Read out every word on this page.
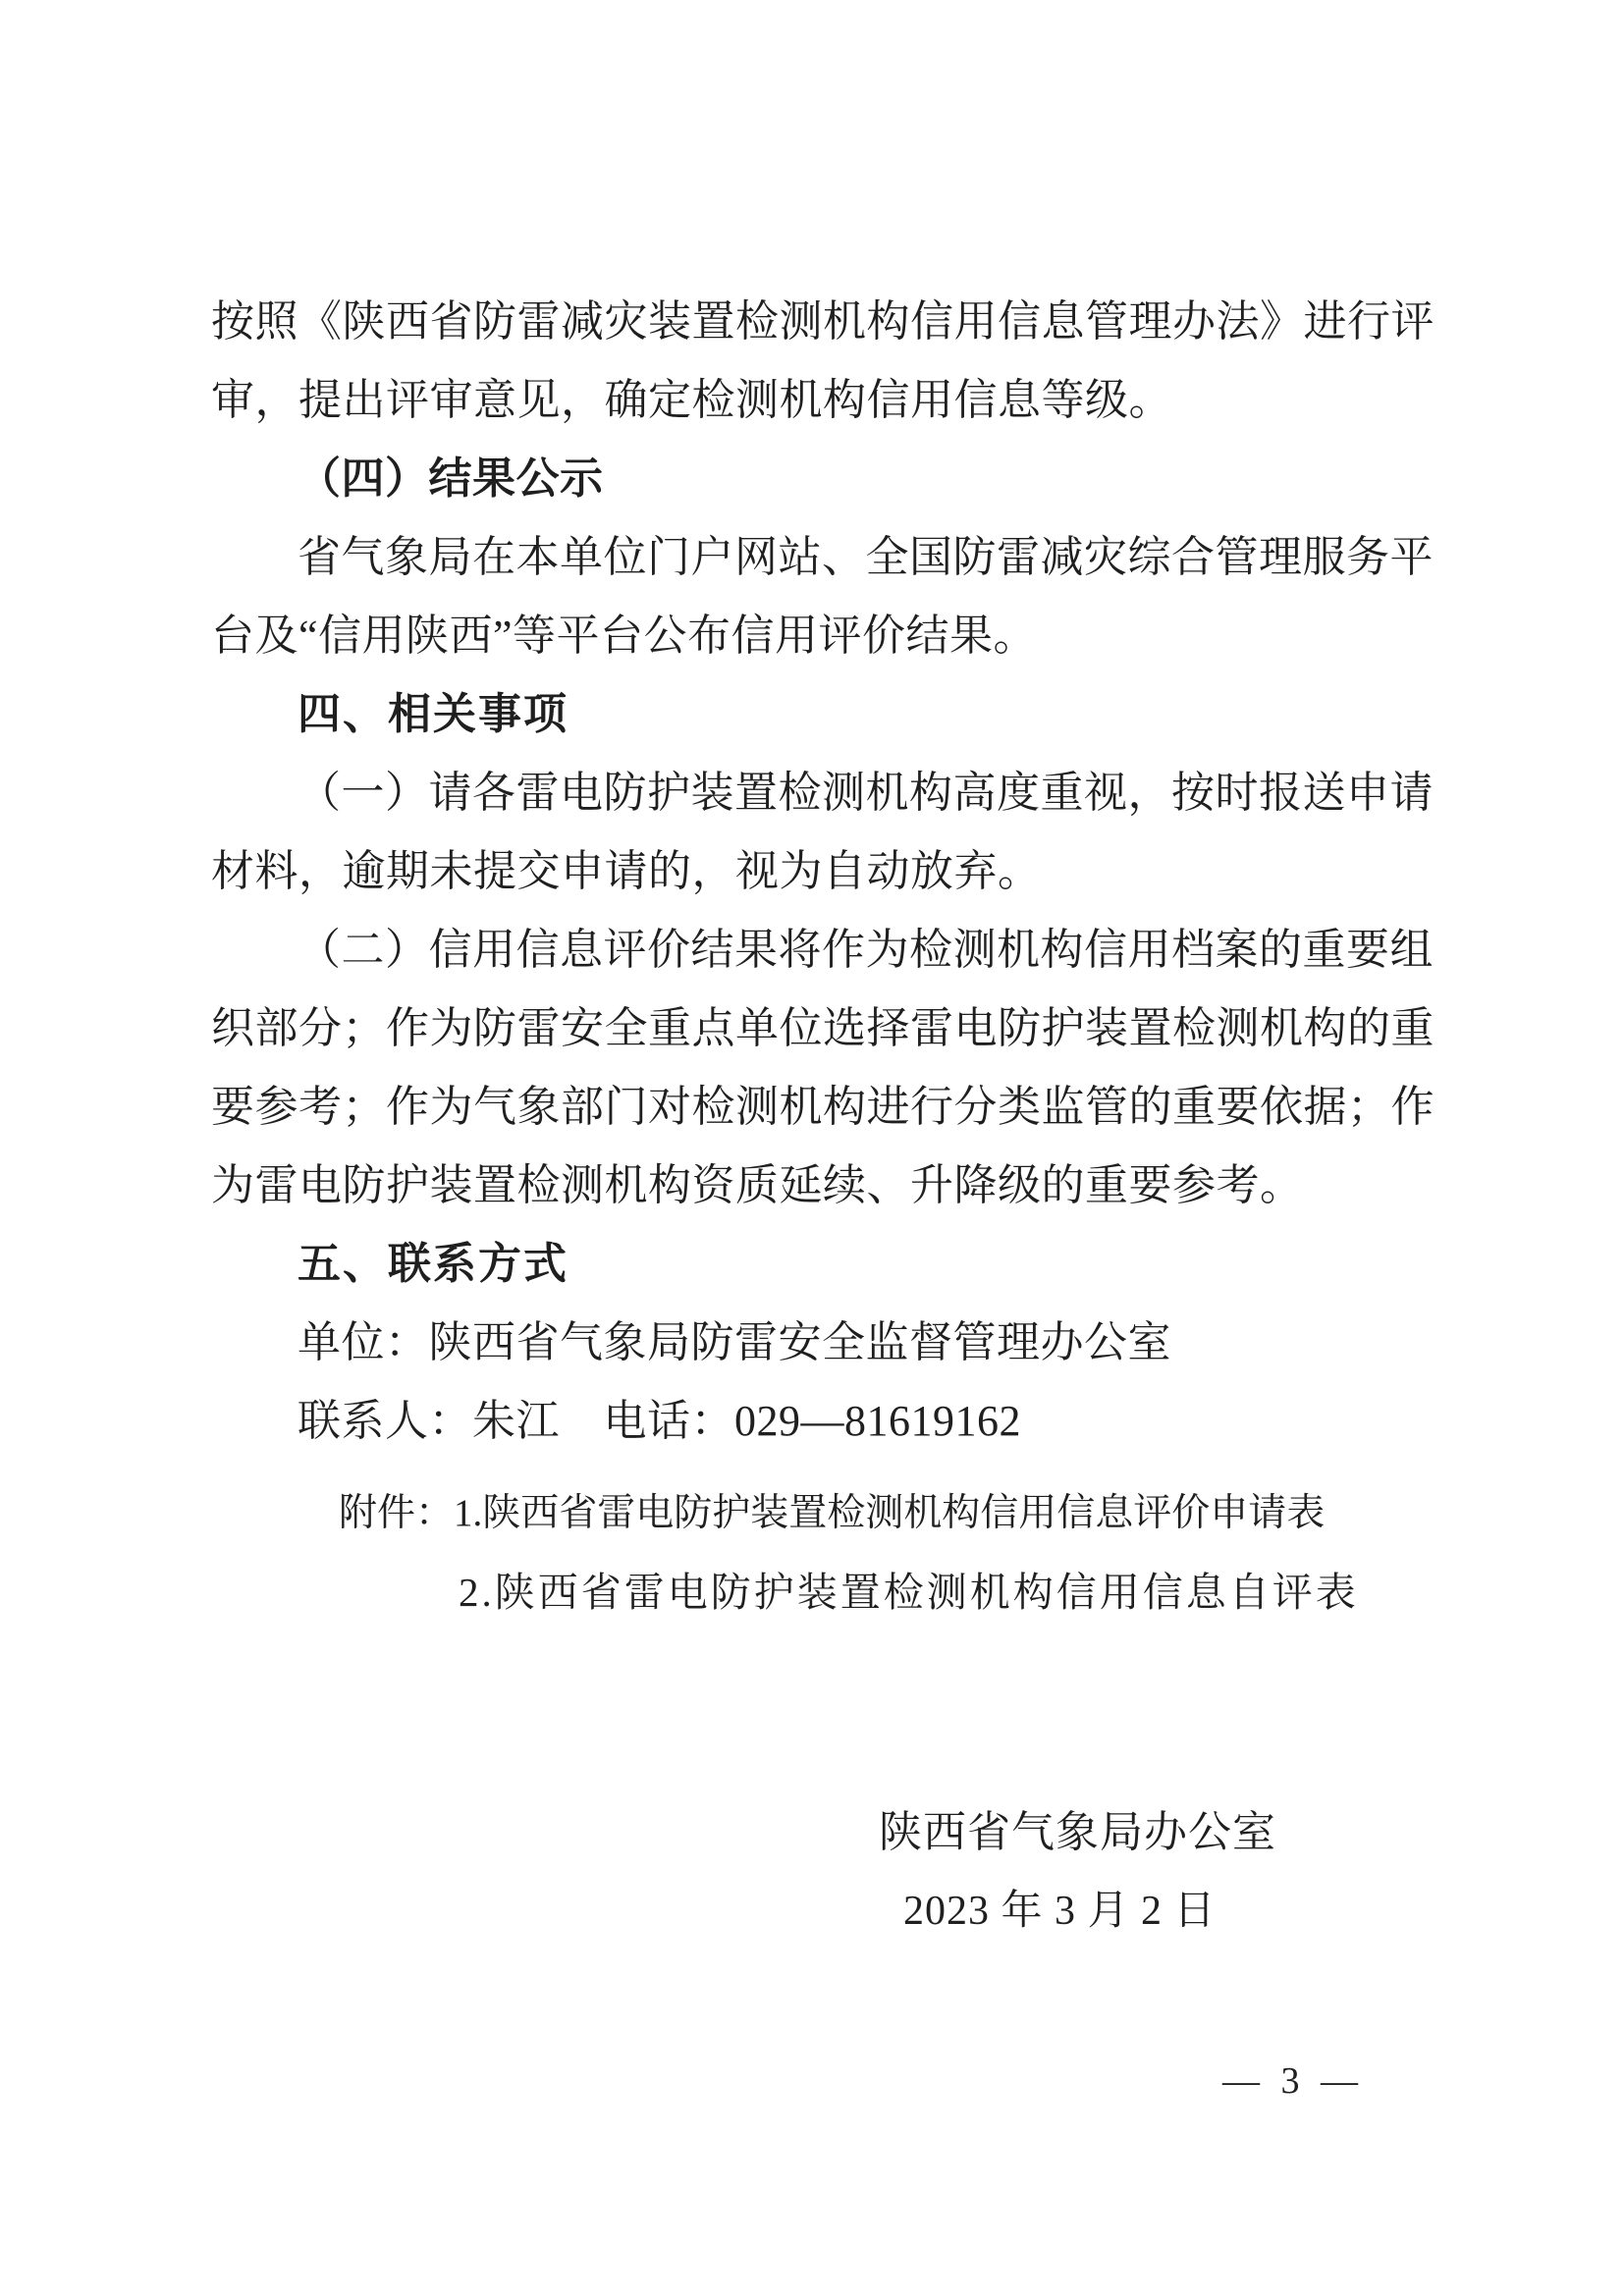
按照《陕西省防雷减灾装置检测机构信用信息管理办法》进行评
审，提出评审意见，确定检测机构信用信息等级。
（四）结果公示
省气象局在本单位门户网站、全国防雷减灾综合管理服务平
台及“信用陕西”等平台公布信用评价结果。
四、相关事项
（一）请各雷电防护装置检测机构高度重视，按时报送申请
材料，逾期未提交申请的，视为自动放弃。
（二）信用信息评价结果将作为检测机构信用档案的重要组
织部分；作为防雷安全重点单位选择雷电防护装置检测机构的重
要参考；作为气象部门对检测机构进行分类监管的重要依据；作
为雷电防护装置检测机构资质延续、升降级的重要参考。
五、联系方式
单位：陕西省气象局防雷安全监督管理办公室
联系人：朱江　电话：029—81619162
附件：1.陕西省雷电防护装置检测机构信用信息评价申请表
2.陕西省雷电防护装置检测机构信用信息自评表
陕西省气象局办公室
2023 年 3 月 2 日
— 3 —
